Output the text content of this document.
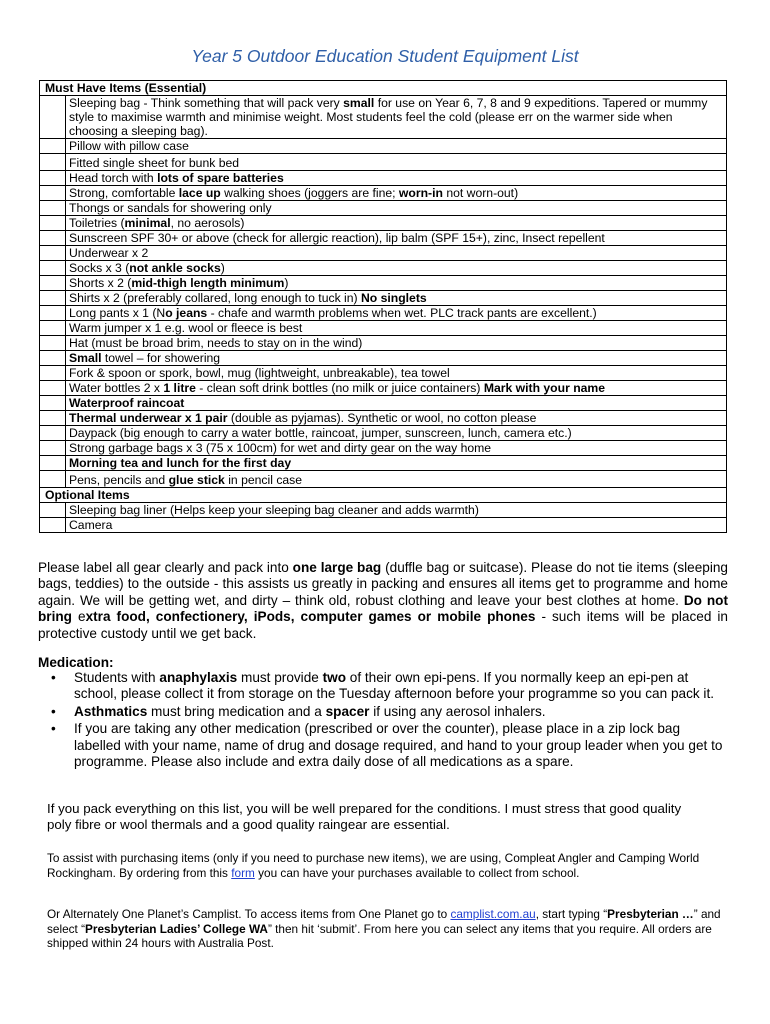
Year 5 Outdoor Education Student Equipment List
Must Have Items (Essential)	
	Sleeping bag - Think something that will pack very small for use on Year 6, 7, 8 and 9 expeditions. Tapered or mummy style to maximise warmth and minimise weight. Most students feel the cold (please err on the warmer side when choosing a sleeping bag).
	Pillow with pillow case
	Fitted single sheet for bunk bed
	Head torch with lots of spare batteries
	Strong, comfortable lace up walking shoes (joggers are fine; worn-in not worn-out)
	Thongs or sandals for showering only
	Toiletries (minimal, no aerosols)
	Sunscreen SPF 30+ or above (check for allergic reaction), lip balm (SPF 15+), zinc, Insect repellent
	Underwear x 2
	Socks x 3 (not ankle socks)
	Shorts x 2 (mid-thigh length minimum)
	Shirts x 2 (preferably collared, long enough to tuck in) No singlets
	Long pants x 1 (No jeans - chafe and warmth problems when wet. PLC track pants are excellent.)
	Warm jumper x 1 e.g. wool or fleece is best
	Hat (must be broad brim, needs to stay on in the wind)
	Small towel – for showering
	Fork & spoon or spork, bowl, mug (lightweight, unbreakable), tea towel
	Water bottles 2 x 1 litre - clean soft drink bottles (no milk or juice containers) Mark with your name
	Waterproof raincoat
	Thermal underwear x 1 pair (double as pyjamas). Synthetic or wool, no cotton please
	Daypack (big enough to carry a water bottle, raincoat, jumper, sunscreen, lunch, camera etc.)
	Strong garbage bags x 3 (75 x 100cm) for wet and dirty gear on the way home
	Morning tea and lunch for the first day
	Pens, pencils and glue stick in pencil case
Optional Items	
	Sleeping bag liner (Helps keep your sleeping bag cleaner and adds warmth)
	Camera
Please label all gear clearly and pack into one large bag (duffle bag or suitcase). Please do not tie items (sleeping bags, teddies) to the outside - this assists us greatly in packing and ensures all items get to programme and home again. We will be getting wet, and dirty – think old, robust clothing and leave your best clothes at home. Do not bring extra food, confectionery, iPods, computer games or mobile phones - such items will be placed in protective custody until we get back.
Medication:
• Students with anaphylaxis must provide two of their own epi-pens. If you normally keep an epi-pen at school, please collect it from storage on the Tuesday afternoon before your programme so you can pack it.
• Asthmatics must bring medication and a spacer if using any aerosol inhalers.
• If you are taking any other medication (prescribed or over the counter), please place in a zip lock bag labelled with your name, name of drug and dosage required, and hand to your group leader when you get to programme. Please also include and extra daily dose of all medications as a spare.
If you pack everything on this list, you will be well prepared for the conditions. I must stress that good quality poly fibre or wool thermals and a good quality raingear are essential.
To assist with purchasing items (only if you need to purchase new items), we are using, Compleat Angler and Camping World Rockingham. By ordering from this form you can have your purchases available to collect from school.
Or Alternately One Planet’s Camplist. To access items from One Planet go to camplist.com.au, start typing “Presbyterian …” and select “Presbyterian Ladies’ College WA” then hit ‘submit’. From here you can select any items that you require. All orders are shipped within 24 hours with Australia Post.
